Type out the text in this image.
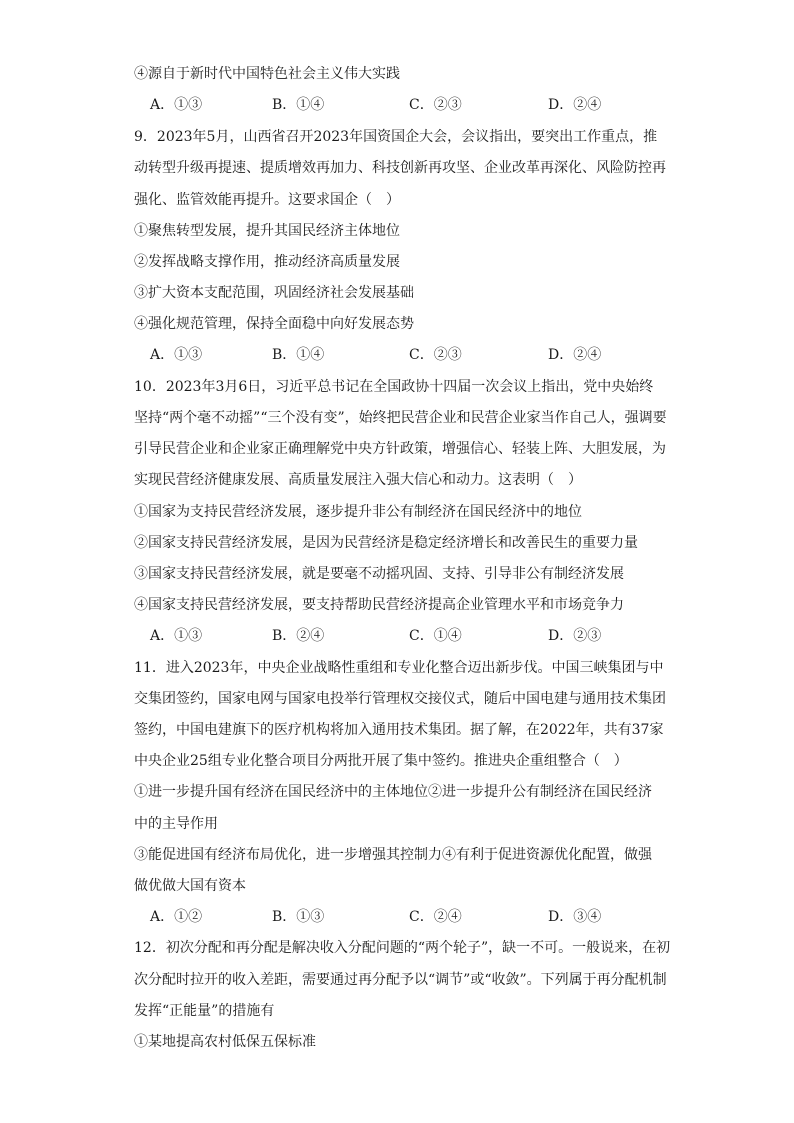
④源自于新时代中国特色社会主义伟大实践
A．①③	B．①④	C．②③	D．②④
9．2023年5月，山西省召开2023年国资国企大会，会议指出，要突出工作重点，推
动转型升级再提速、提质增效再加力、科技创新再攻坚、企业改革再深化、风险防控再
强化、监管效能再提升。这要求国企（　）
①聚焦转型发展，提升其国民经济主体地位
②发挥战略支撑作用，推动经济高质量发展
③扩大资本支配范围，巩固经济社会发展基础
④强化规范管理，保持全面稳中向好发展态势
A．①③	B．①④	C．②③	D．②④
10．2023年3月6日，习近平总书记在全国政协十四届一次会议上指出，党中央始终
坚持“两个毫不动摇”“三个没有变”，始终把民营企业和民营企业家当作自己人，强调要
引导民营企业和企业家正确理解党中央方针政策，增强信心、轻装上阵、大胆发展，为
实现民营经济健康发展、高质量发展注入强大信心和动力。这表明（　）
①国家为支持民营经济发展，逐步提升非公有制经济在国民经济中的地位
②国家支持民营经济发展，是因为民营经济是稳定经济增长和改善民生的重要力量
③国家支持民营经济发展，就是要毫不动摇巩固、支持、引导非公有制经济发展
④国家支持民营经济发展，要支持帮助民营经济提高企业管理水平和市场竞争力
A．①③	B．②④	C．①④	D．②③
11．进入2023年，中央企业战略性重组和专业化整合迈出新步伐。中国三峡集团与中
交集团签约，国家电网与国家电投举行管理权交接仪式，随后中国电建与通用技术集团
签约，中国电建旗下的医疗机构将加入通用技术集团。据了解，在2022年，共有37家
中央企业25组专业化整合项目分两批开展了集中签约。推进央企重组整合（　）
①进一步提升国有经济在国民经济中的主体地位②进一步提升公有制经济在国民经济
中的主导作用
③能促进国有经济布局优化，进一步增强其控制力④有利于促进资源优化配置，做强
做优做大国有资本
A．①②	B．①③	C．②④	D．③④
12．初次分配和再分配是解决收入分配问题的“两个轮子”，缺一不可。一般说来，在初
次分配时拉开的收入差距，需要通过再分配予以“调节”或“收敛”。下列属于再分配机制
发挥“正能量”的措施有
①某地提高农村低保五保标准
